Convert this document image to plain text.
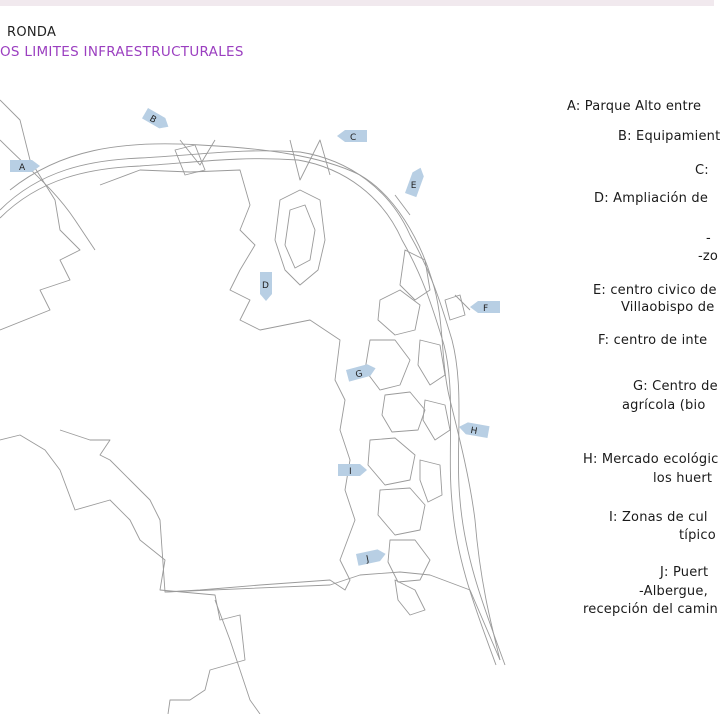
RONDA
OS LIMITES INFRAESTRUCTURALES
A
B
C
D
E
F
G
H
I
J
A: Parque Alto entre
B: Equipamient
C:
D: Ampliación de
-
-zo
E: centro civico de
Villaobispo de
F: centro de inte
G: Centro de
agrícola (bio
H: Mercado ecológic
los huert
I: Zonas de cul
típico
J: Puert
-Albergue,
recepción del camin
